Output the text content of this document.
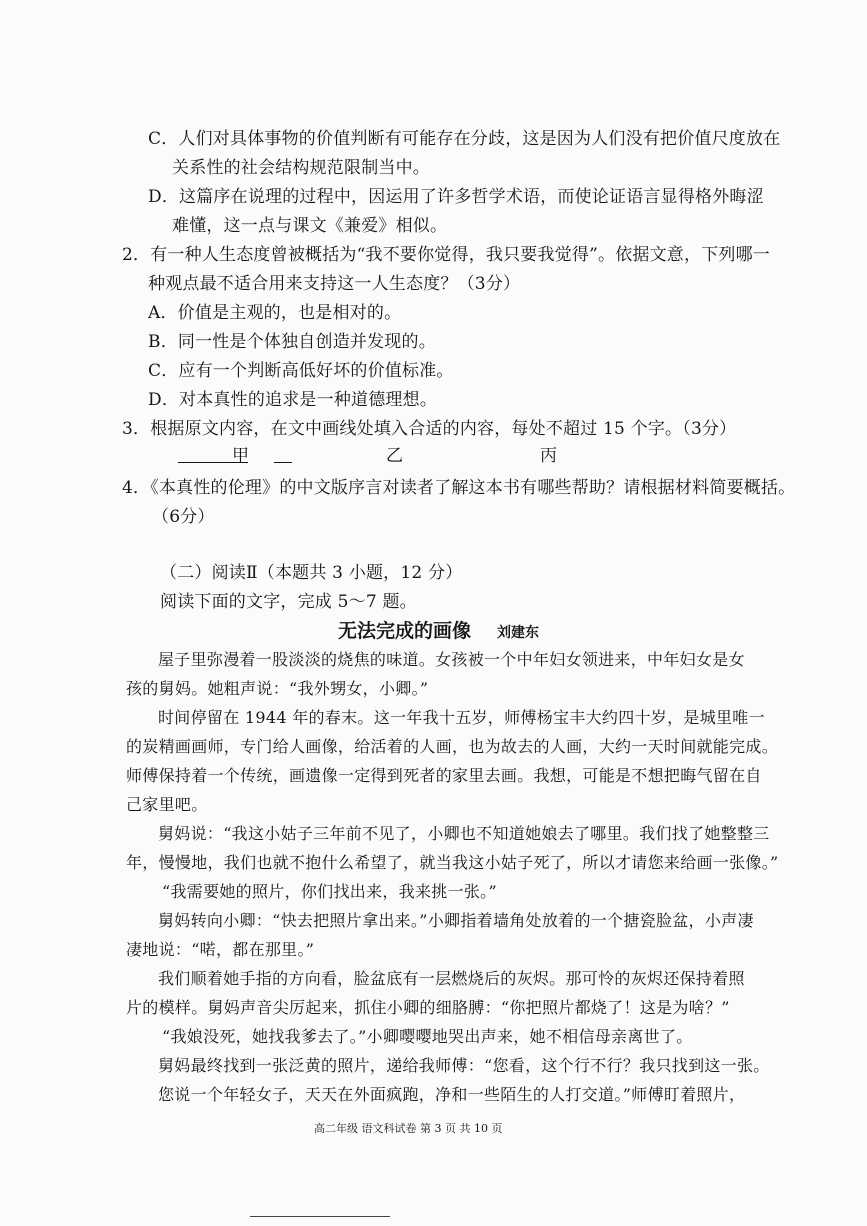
C．人们对具体事物的价值判断有可能存在分歧，这是因为人们没有把价值尺度放在
关系性的社会结构规范限制当中。
D．这篇序在说理的过程中，因运用了许多哲学术语，而使论证语言显得格外晦涩
难懂，这一点与课文《兼爱》相似。
2．有一种人生态度曾被概括为“我不要你觉得，我只要我觉得”。依据文意，下列哪一
种观点最不适合用来支持这一人生态度？（3分）
A．价值是主观的，也是相对的。
B．同一性是个体独自创造并发现的。
C．应有一个判断高低好坏的价值标准。
D．对本真性的追求是一种道德理想。
3．根据原文内容，在文中画线处填入合适的内容，每处不超过 15 个字。（3分）
甲	乙	丙
4．《本真性的伦理》的中文版序言对读者了解这本书有哪些帮助？请根据材料简要概括。
（6分）
（二）阅读Ⅱ（本题共 3 小题，12 分）
阅读下面的文字，完成 5～7 题。
无法完成的画像 刘建东
屋子里弥漫着一股淡淡的烧焦的味道。女孩被一个中年妇女领进来，中年妇女是女
孩的舅妈。她粗声说：“我外甥女，小卿。”
时间停留在 1944 年的春末。这一年我十五岁，师傅杨宝丰大约四十岁，是城里唯一
的炭精画画师，专门给人画像，给活着的人画，也为故去的人画，大约一天时间就能完成。
师傅保持着一个传统，画遗像一定得到死者的家里去画。我想，可能是不想把晦气留在自
己家里吧。
舅妈说：“我这小姑子三年前不见了，小卿也不知道她娘去了哪里。我们找了她整整三
年，慢慢地，我们也就不抱什么希望了，就当我这小姑子死了，所以才请您来给画一张像。”
“我需要她的照片，你们找出来，我来挑一张。”
舅妈转向小卿：“快去把照片拿出来。”小卿指着墙角处放着的一个搪瓷脸盆，小声凄
凄地说：“喏，都在那里。”
我们顺着她手指的方向看，脸盆底有一层燃烧后的灰烬。那可怜的灰烬还保持着照
片的模样。舅妈声音尖厉起来，抓住小卿的细胳膊：“你把照片都烧了！这是为啥？”
“我娘没死，她找我爹去了。”小卿嘤嘤地哭出声来，她不相信母亲离世了。
舅妈最终找到一张泛黄的照片，递给我师傅：“您看，这个行不行？我只找到这一张。
您说一个年轻女子，天天在外面疯跑，净和一些陌生的人打交道。”师傅盯着照片，
高二年级 语文科试卷 第 3 页 共 10 页
